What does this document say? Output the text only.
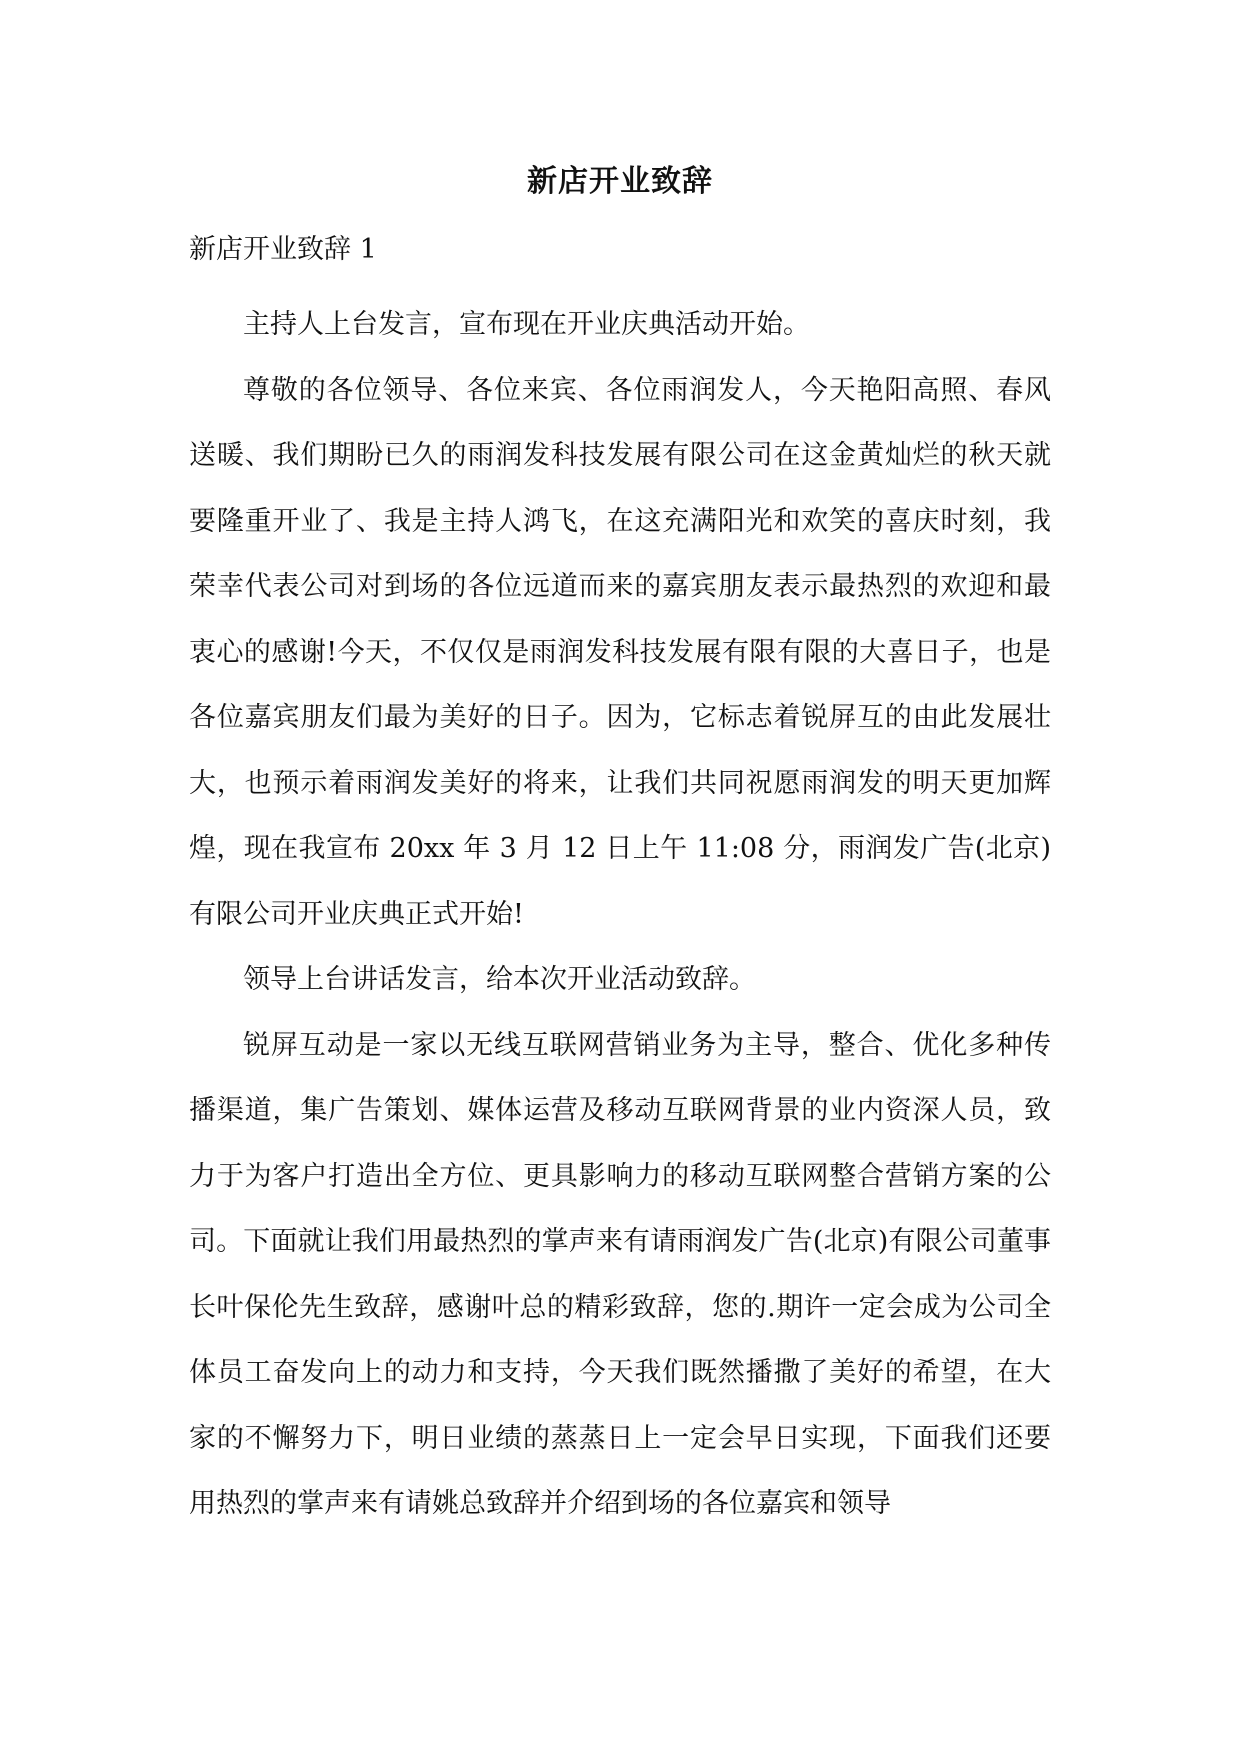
新店开业致辞
新店开业致辞 1

主持人上台发言，宣布现在开业庆典活动开始。

尊敬的各位领导、各位来宾、各位雨润发人，今天艳阳高照、春风送暖、我们期盼已久的雨润发科技发展有限公司在这金黄灿烂的秋天就要隆重开业了、我是主持人鸿飞，在这充满阳光和欢笑的喜庆时刻，我荣幸代表公司对到场的各位远道而来的嘉宾朋友表示最热烈的欢迎和最衷心的感谢!今天，不仅仅是雨润发科技发展有限有限的大喜日子，也是各位嘉宾朋友们最为美好的日子。因为，它标志着锐屏互的由此发展壮大，也预示着雨润发美好的将来，让我们共同祝愿雨润发的明天更加辉煌，现在我宣布 20xx 年 3 月 12 日上午 11:08 分，雨润发广告(北京)有限公司开业庆典正式开始!

领导上台讲话发言，给本次开业活动致辞。

锐屏互动是一家以无线互联网营销业务为主导，整合、优化多种传播渠道，集广告策划、媒体运营及移动互联网背景的业内资深人员，致力于为客户打造出全方位、更具影响力的移动互联网整合营销方案的公司。下面就让我们用最热烈的掌声来有请雨润发广告(北京)有限公司董事长叶保伦先生致辞，感谢叶总的精彩致辞，您的.期许一定会成为公司全体员工奋发向上的动力和支持，今天我们既然播撒了美好的希望，在大家的不懈努力下，明日业绩的蒸蒸日上一定会早日实现，下面我们还要用热烈的掌声来有请姚总致辞并介绍到场的各位嘉宾和领导
